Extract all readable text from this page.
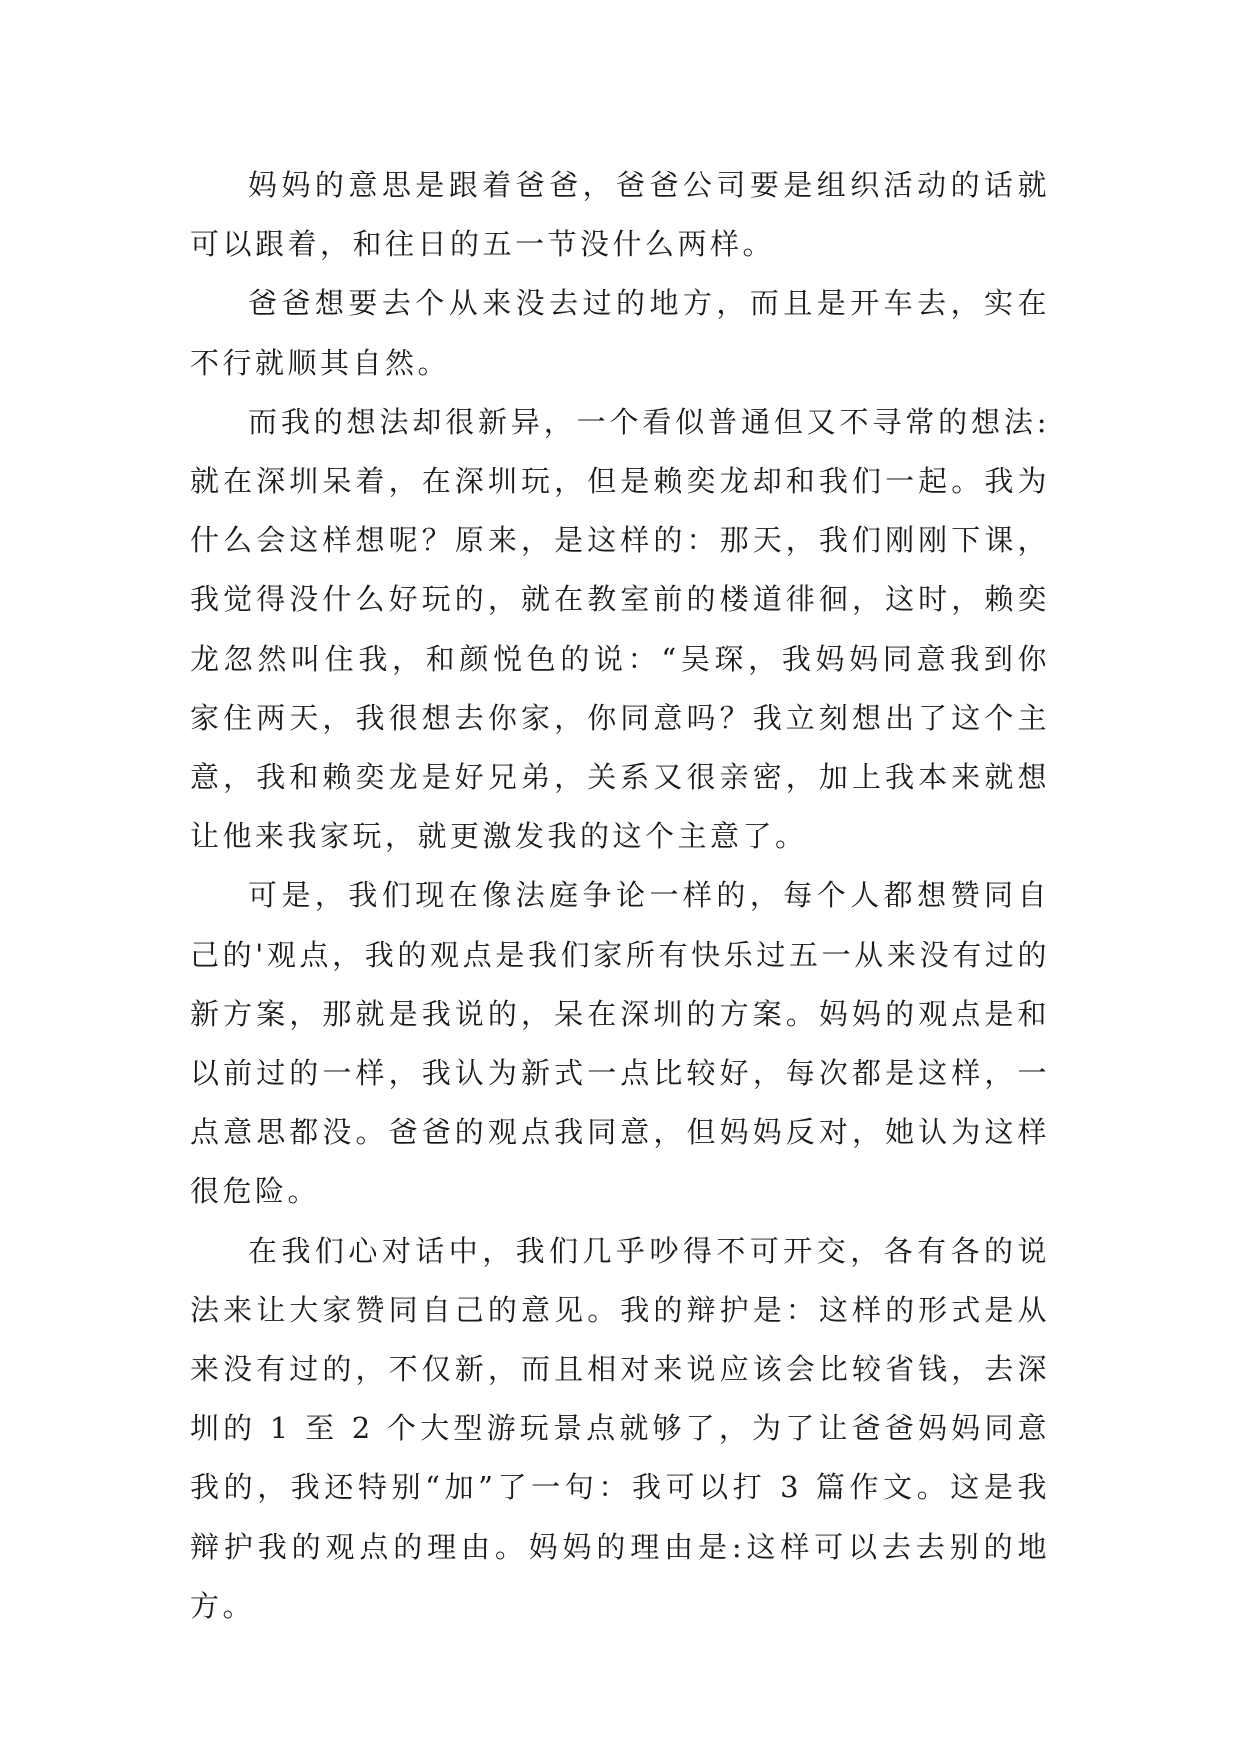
妈妈的意思是跟着爸爸，爸爸公司要是组织活动的话就可以跟着，和往日的五一节没什么两样。

爸爸想要去个从来没去过的地方，而且是开车去，实在不行就顺其自然。

而我的想法却很新异，一个看似普通但又不寻常的想法:就在深圳呆着，在深圳玩，但是赖奕龙却和我们一起。我为什么会这样想呢？原来，是这样的：那天，我们刚刚下课，我觉得没什么好玩的，就在教室前的楼道徘徊，这时，赖奕龙忽然叫住我，和颜悦色的说：“吴琛，我妈妈同意我到你家住两天，我很想去你家，你同意吗？我立刻想出了这个主意，我和赖奕龙是好兄弟，关系又很亲密，加上我本来就想让他来我家玩，就更激发我的这个主意了。

可是，我们现在像法庭争论一样的，每个人都想赞同自己的'观点，我的观点是我们家所有快乐过五一从来没有过的新方案，那就是我说的，呆在深圳的方案。妈妈的观点是和以前过的一样，我认为新式一点比较好，每次都是这样，一点意思都没。爸爸的观点我同意，但妈妈反对，她认为这样很危险。

在我们心对话中，我们几乎吵得不可开交，各有各的说法来让大家赞同自己的意见。我的辩护是：这样的形式是从来没有过的，不仅新，而且相对来说应该会比较省钱，去深圳的 1 至 2 个大型游玩景点就够了，为了让爸爸妈妈同意我的，我还特别“加”了一句：我可以打 3 篇作文。这是我辩护我的观点的理由。妈妈的理由是:这样可以去去别的地方。
